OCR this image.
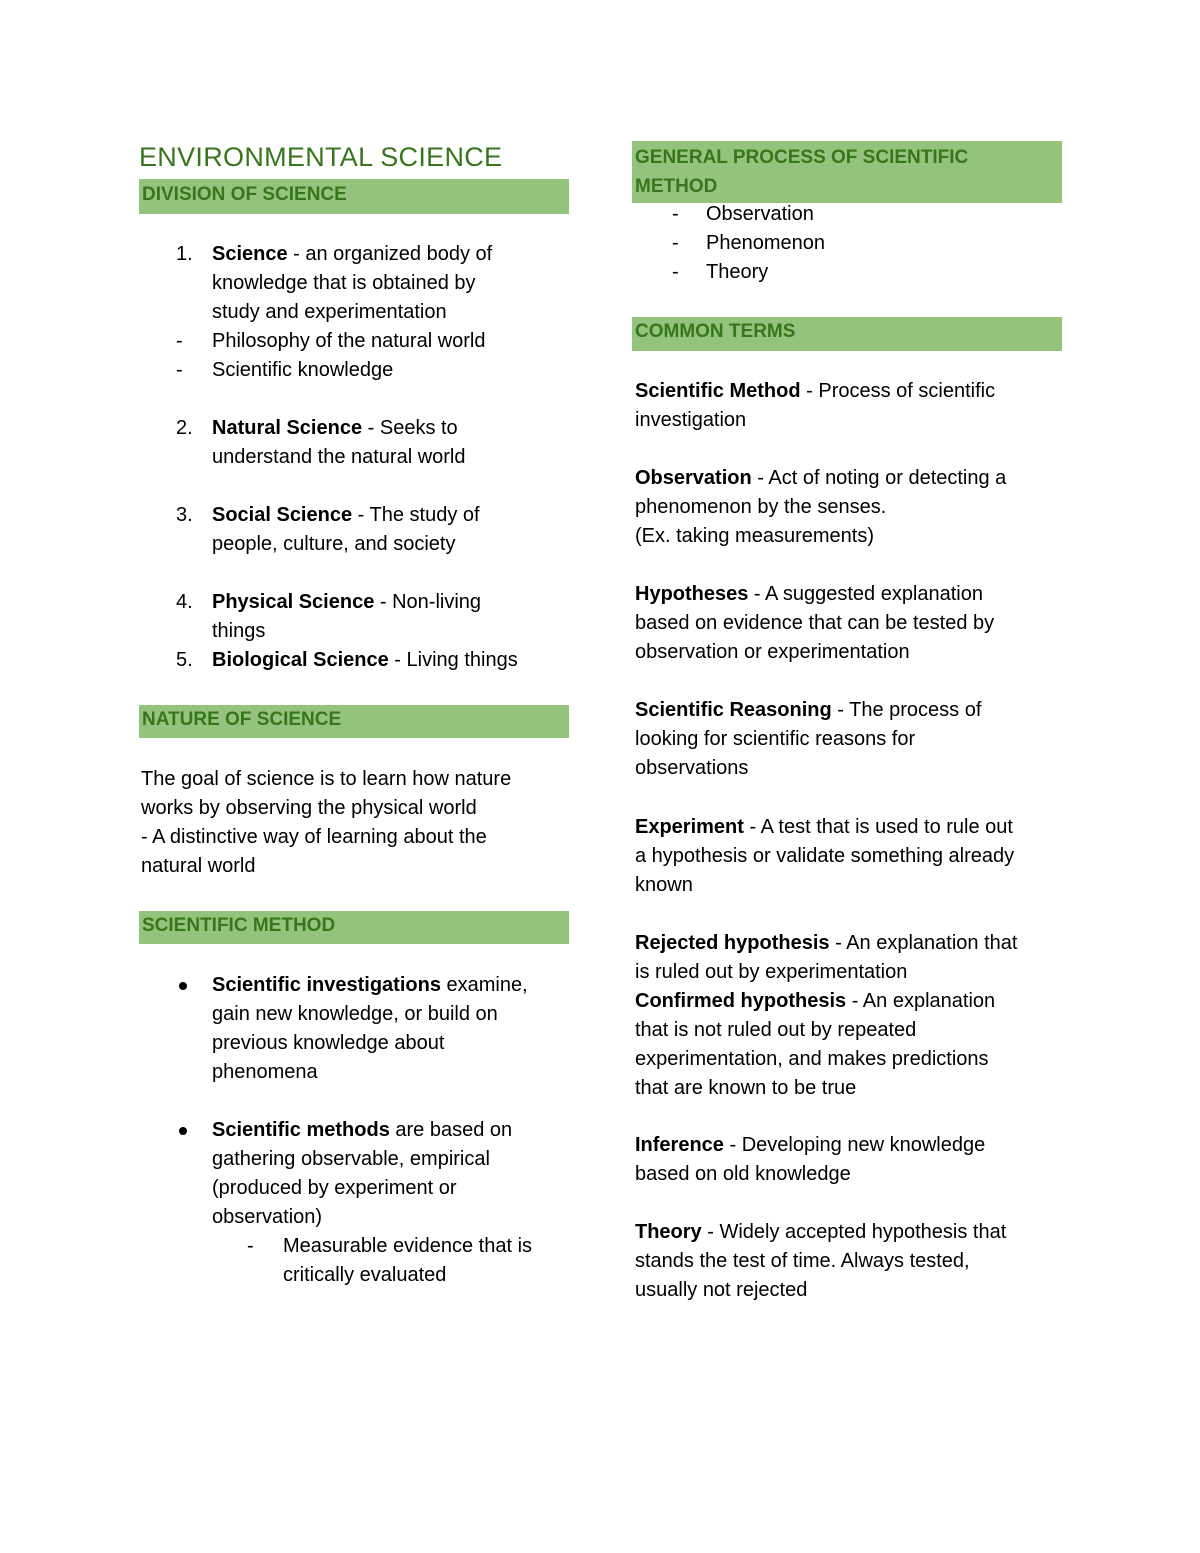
ENVIRONMENTAL SCIENCE
DIVISION OF SCIENCE
1. Science - an organized body of
knowledge that is obtained by
study and experimentation
- Philosophy of the natural world
- Scientific knowledge
2. Natural Science - Seeks to
understand the natural world
3. Social Science - The study of
people, culture, and society
4. Physical Science - Non-living
things
5. Biological Science - Living things
NATURE OF SCIENCE
The goal of science is to learn how nature
works by observing the physical world
- A distinctive way of learning about the
natural world
SCIENTIFIC METHOD
Scientific investigations examine,
gain new knowledge, or build on
previous knowledge about
phenomena
Scientific methods are based on
gathering observable, empirical
(produced by experiment or
observation)
- Measurable evidence that is
critically evaluated
GENERAL PROCESS OF SCIENTIFIC
METHOD
- Observation
- Phenomenon
- Theory
COMMON TERMS
Scientific Method - Process of scientific
investigation
Observation - Act of noting or detecting a
phenomenon by the senses.
(Ex. taking measurements)
Hypotheses - A suggested explanation
based on evidence that can be tested by
observation or experimentation
Scientific Reasoning - The process of
looking for scientific reasons for
observations
Experiment - A test that is used to rule out
a hypothesis or validate something already
known
Rejected hypothesis - An explanation that
is ruled out by experimentation
Confirmed hypothesis - An explanation
that is not ruled out by repeated
experimentation, and makes predictions
that are known to be true
Inference - Developing new knowledge
based on old knowledge
Theory - Widely accepted hypothesis that
stands the test of time. Always tested,
usually not rejected
